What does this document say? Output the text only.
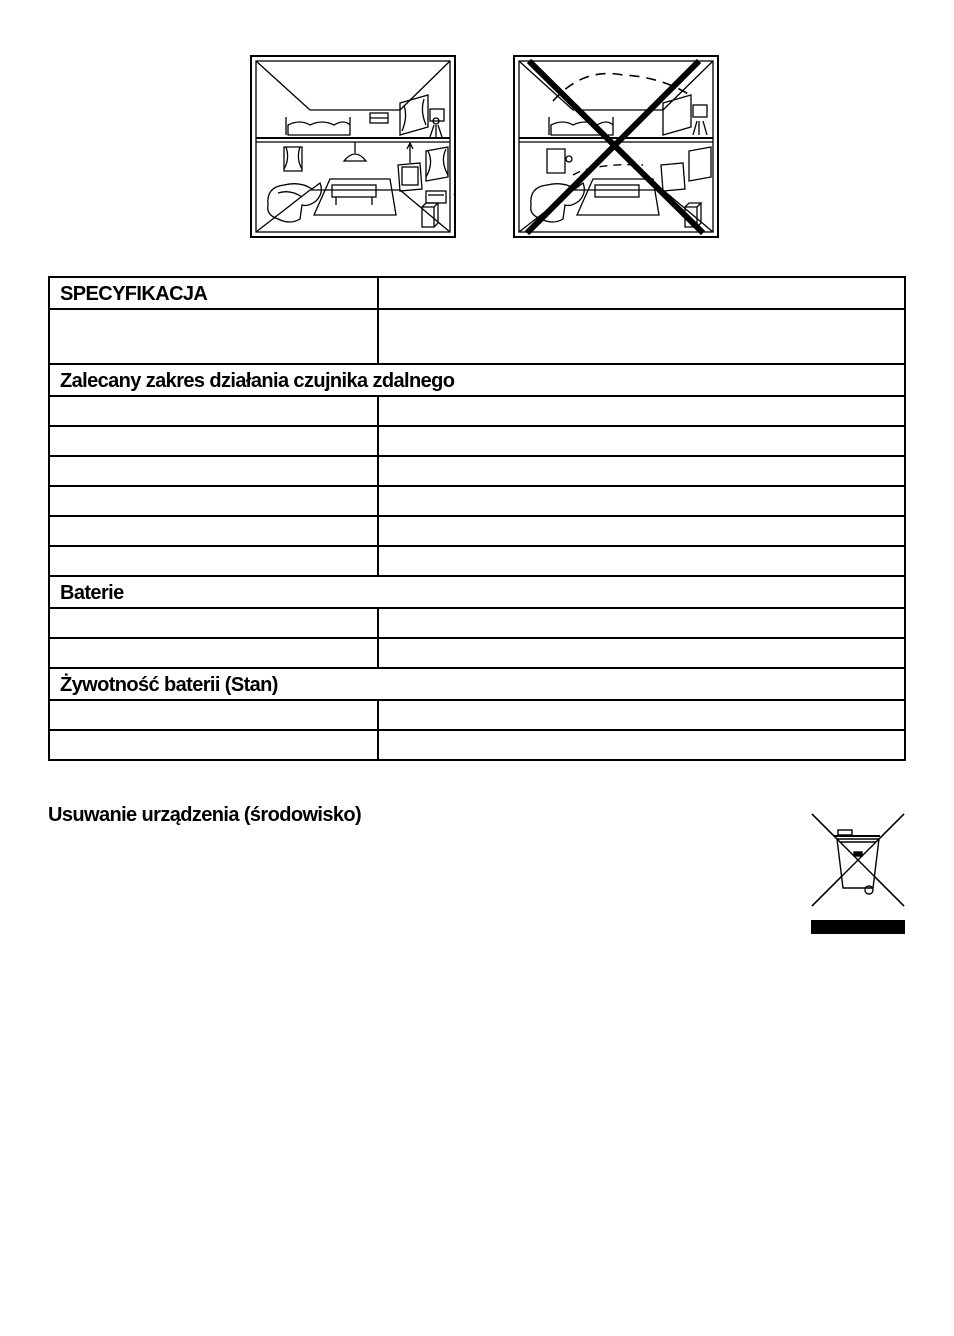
SPECYFIKACJA	

Zalecany zakres działania czujnika zdalnego	

Baterie	

Żywotność baterii (Stan)	

Usuwanie urządzenia (środowisko)
